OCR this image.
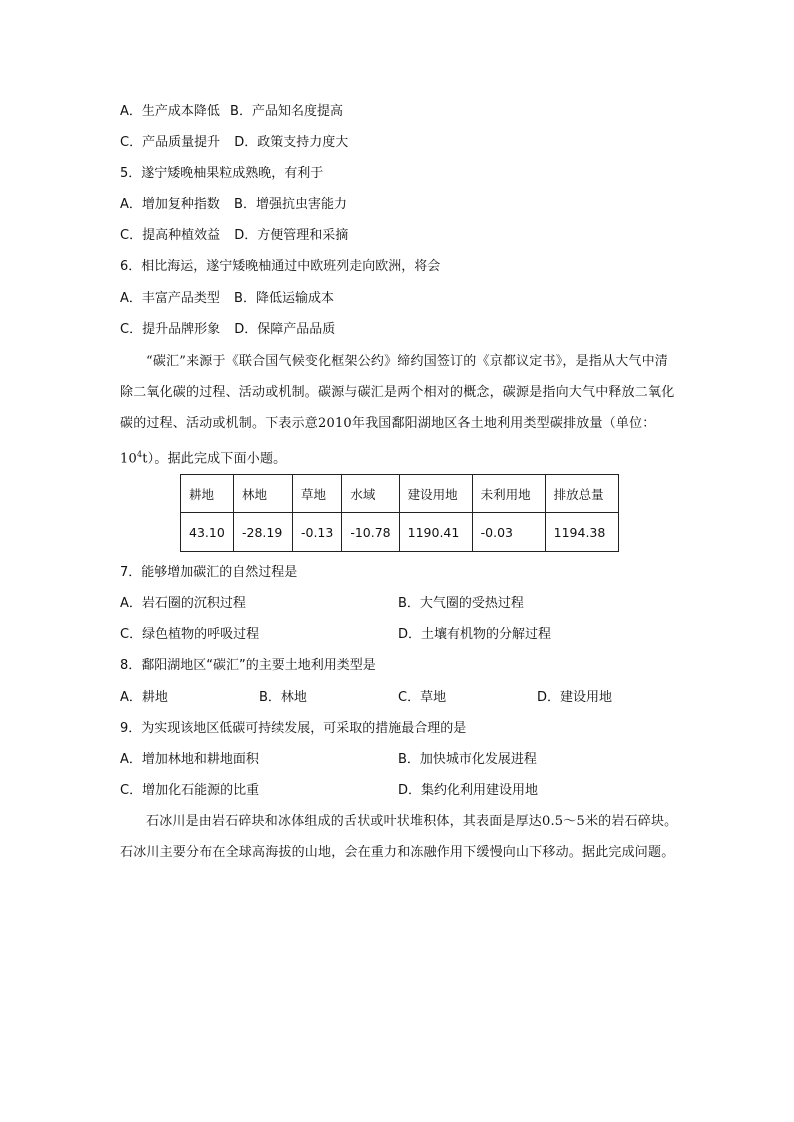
A．生产成本降低 B．产品知名度提高
C．产品质量提升 D．政策支持力度大
5．遂宁矮晚柚果粒成熟晚，有利于
A．增加复种指数 B．增强抗虫害能力
C．提高种植效益 D．方便管理和采摘
6．相比海运，遂宁矮晚柚通过中欧班列走向欧洲，将会
A．丰富产品类型 B．降低运输成本
C．提升品牌形象 D．保障产品品质

“碳汇”来源于《联合国气候变化框架公约》缔约国签订的《京都议定书》，是指从大气中清除二氧化碳的过程、活动或机制。碳源与碳汇是两个相对的概念，碳源是指向大气中释放二氧化碳的过程、活动或机制。下表示意2010年我国鄱阳湖地区各土地利用类型碳排放量（单位：$10^4t$）。据此完成下面小题。

耕地	林地	草地	水域	建设用地	未利用地	排放总量
43.10	-28.19	-0.13	-10.78	1190.41	-0.03	1194.38
7．能够增加碳汇的自然过程是
A．岩石圈的沉积过程	B．大气圈的受热过程
C．绿色植物的呼吸过程	D．土壤有机物的分解过程
8．鄱阳湖地区“碳汇”的主要土地利用类型是
A．耕地	B．林地	C．草地	D．建设用地
9．为实现该地区低碳可持续发展，可采取的措施最合理的是
A．增加林地和耕地面积	B．加快城市化发展进程
C．增加化石能源的比重	D．集约化利用建设用地

石冰川是由岩石碎块和冰体组成的舌状或叶状堆积体，其表面是厚达0.5～5米的岩石碎块。石冰川主要分布在全球高海拔的山地，会在重力和冻融作用下缓慢向山下移动。据此完成问题。
